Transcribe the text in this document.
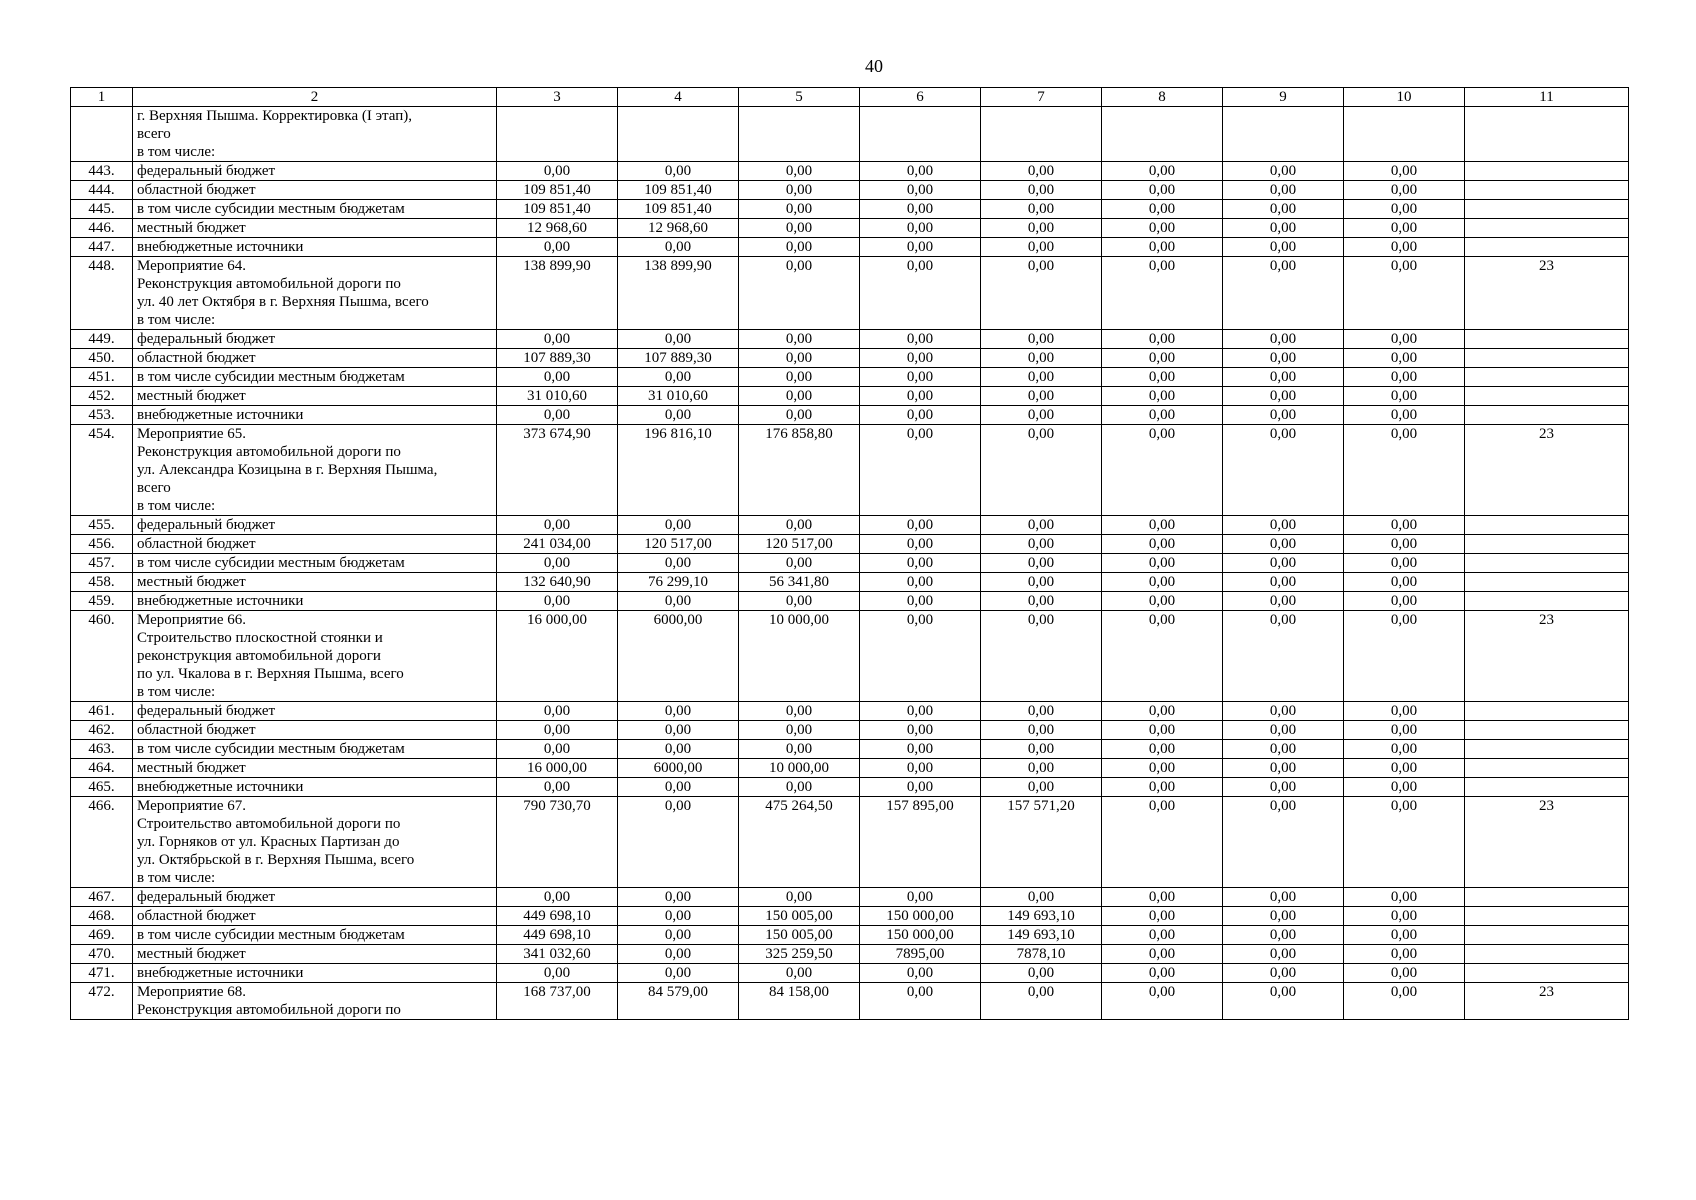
40
1	2	3	4	5	6	7	8	9	10	11
	г. Верхняя Пышма. Корректировка (I этап),
всего
в том числе:									
443.	федеральный бюджет	0,00	0,00	0,00	0,00	0,00	0,00	0,00	0,00	
444.	областной бюджет	109 851,40	109 851,40	0,00	0,00	0,00	0,00	0,00	0,00	
445.	в том числе субсидии местным бюджетам	109 851,40	109 851,40	0,00	0,00	0,00	0,00	0,00	0,00	
446.	местный бюджет	12 968,60	12 968,60	0,00	0,00	0,00	0,00	0,00	0,00	
447.	внебюджетные источники	0,00	0,00	0,00	0,00	0,00	0,00	0,00	0,00	
448.	Мероприятие 64.
Реконструкция автомобильной дороги по
ул. 40 лет Октября в г. Верхняя Пышма, всего
в том числе:	138 899,90	138 899,90	0,00	0,00	0,00	0,00	0,00	0,00	23
449.	федеральный бюджет	0,00	0,00	0,00	0,00	0,00	0,00	0,00	0,00	
450.	областной бюджет	107 889,30	107 889,30	0,00	0,00	0,00	0,00	0,00	0,00	
451.	в том числе субсидии местным бюджетам	0,00	0,00	0,00	0,00	0,00	0,00	0,00	0,00	
452.	местный бюджет	31 010,60	31 010,60	0,00	0,00	0,00	0,00	0,00	0,00	
453.	внебюджетные источники	0,00	0,00	0,00	0,00	0,00	0,00	0,00	0,00	
454.	Мероприятие 65.
Реконструкция автомобильной дороги по
ул. Александра Козицына в г. Верхняя Пышма,
всего
в том числе:	373 674,90	196 816,10	176 858,80	0,00	0,00	0,00	0,00	0,00	23
455.	федеральный бюджет	0,00	0,00	0,00	0,00	0,00	0,00	0,00	0,00	
456.	областной бюджет	241 034,00	120 517,00	120 517,00	0,00	0,00	0,00	0,00	0,00	
457.	в том числе субсидии местным бюджетам	0,00	0,00	0,00	0,00	0,00	0,00	0,00	0,00	
458.	местный бюджет	132 640,90	76 299,10	56 341,80	0,00	0,00	0,00	0,00	0,00	
459.	внебюджетные источники	0,00	0,00	0,00	0,00	0,00	0,00	0,00	0,00	
460.	Мероприятие 66.
Строительство плоскостной стоянки и
реконструкция автомобильной дороги
по ул. Чкалова в г. Верхняя Пышма, всего
в том числе:	16 000,00	6000,00	10 000,00	0,00	0,00	0,00	0,00	0,00	23
461.	федеральный бюджет	0,00	0,00	0,00	0,00	0,00	0,00	0,00	0,00	
462.	областной бюджет	0,00	0,00	0,00	0,00	0,00	0,00	0,00	0,00	
463.	в том числе субсидии местным бюджетам	0,00	0,00	0,00	0,00	0,00	0,00	0,00	0,00	
464.	местный бюджет	16 000,00	6000,00	10 000,00	0,00	0,00	0,00	0,00	0,00	
465.	внебюджетные источники	0,00	0,00	0,00	0,00	0,00	0,00	0,00	0,00	
466.	Мероприятие 67.
Строительство автомобильной дороги по
ул. Горняков от ул. Красных Партизан до
ул. Октябрьской в г. Верхняя Пышма, всего
в том числе:	790 730,70	0,00	475 264,50	157 895,00	157 571,20	0,00	0,00	0,00	23
467.	федеральный бюджет	0,00	0,00	0,00	0,00	0,00	0,00	0,00	0,00	
468.	областной бюджет	449 698,10	0,00	150 005,00	150 000,00	149 693,10	0,00	0,00	0,00	
469.	в том числе субсидии местным бюджетам	449 698,10	0,00	150 005,00	150 000,00	149 693,10	0,00	0,00	0,00	
470.	местный бюджет	341 032,60	0,00	325 259,50	7895,00	7878,10	0,00	0,00	0,00	
471.	внебюджетные источники	0,00	0,00	0,00	0,00	0,00	0,00	0,00	0,00	
472.	Мероприятие 68.
Реконструкция автомобильной дороги по	168 737,00	84 579,00	84 158,00	0,00	0,00	0,00	0,00	0,00	23
